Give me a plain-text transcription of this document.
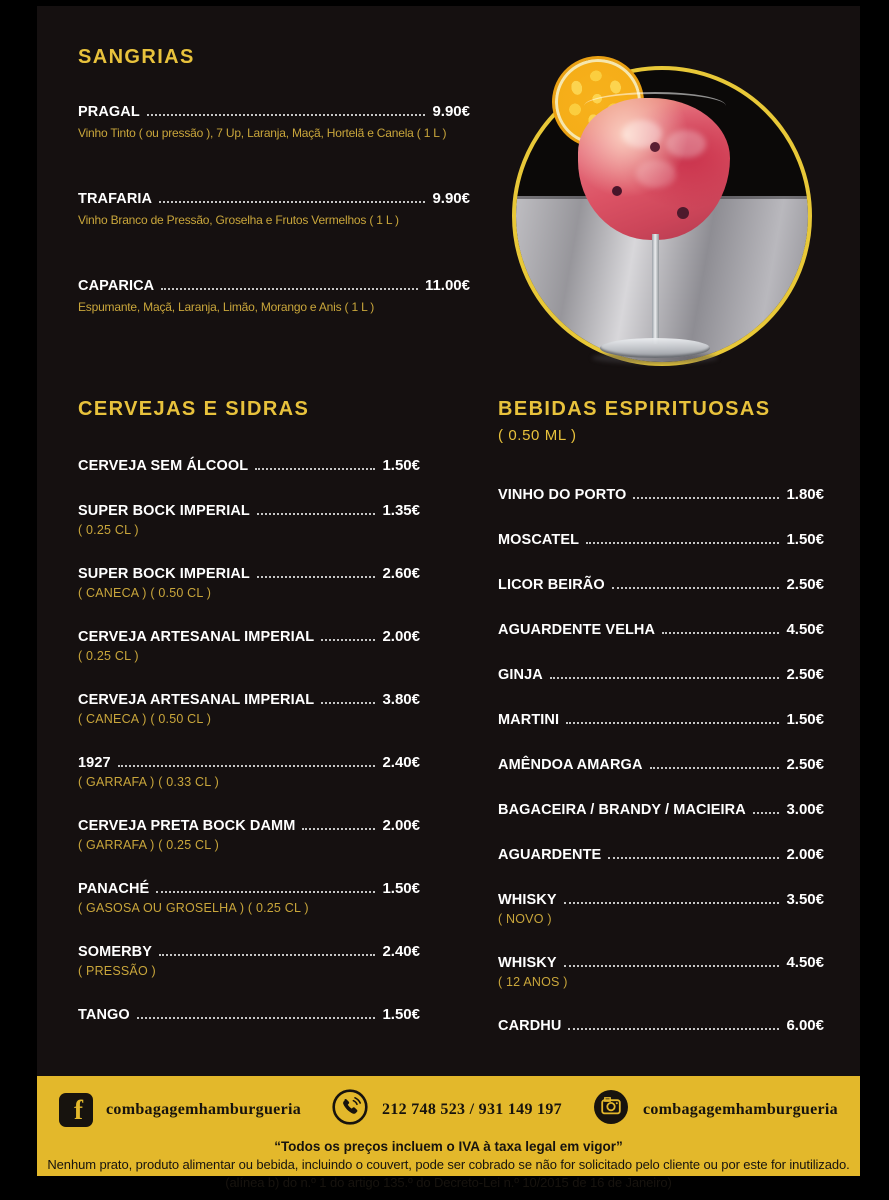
SANGRIAS
PRAGAL	9.90€
Vinho Tinto ( ou pressão ), 7 Up, Laranja, Maçã, Hortelã e Canela ( 1 L )
TRAFARIA	9.90€
Vinho Branco de Pressão, Groselha e Frutos Vermelhos ( 1 L )
CAPARICA	11.00€
Espumante, Maçã, Laranja, Limão, Morango e Anis ( 1 L )
CERVEJAS E SIDRAS
CERVEJA SEM ÁLCOOL	1.50€
SUPER BOCK IMPERIAL	1.35€
( 0.25 CL )
SUPER BOCK IMPERIAL	2.60€
( CANECA ) ( 0.50 CL )
CERVEJA ARTESANAL IMPERIAL	2.00€
( 0.25 CL )
CERVEJA ARTESANAL IMPERIAL	3.80€
( CANECA ) ( 0.50 CL )
1927	2.40€
( GARRAFA ) ( 0.33 CL )
CERVEJA PRETA BOCK DAMM	2.00€
( GARRAFA ) ( 0.25 CL )
PANACHÉ	1.50€
( GASOSA OU GROSELHA ) ( 0.25 CL )
SOMERBY	2.40€
( PRESSÃO )
TANGO	1.50€
BEBIDAS ESPIRITUOSAS
( 0.50 ML )
VINHO DO PORTO	1.80€
MOSCATEL	1.50€
LICOR BEIRÃO	2.50€
AGUARDENTE VELHA	4.50€
GINJA	2.50€
MARTINI	1.50€
AMÊNDOA AMARGA	2.50€
BAGACEIRA / BRANDY / MACIEIRA	3.00€
AGUARDENTE	2.00€
WHISKY	3.50€
( NOVO )
WHISKY	4.50€
( 12 ANOS )
CARDHU	6.00€
f	combagagemhamburgueria	212 748 523 / 931 149 197	combagagemhamburgueria
“Todos os preços incluem o IVA à taxa legal em vigor”
Nenhum prato, produto alimentar ou bebida, incluindo o couvert, pode ser cobrado se não for solicitado pelo cliente ou por este for inutilizado.
(alínea b) do n.º 1 do artigo 135.º do Decreto-Lei n.º 10/2015 de 16 de Janeiro)
